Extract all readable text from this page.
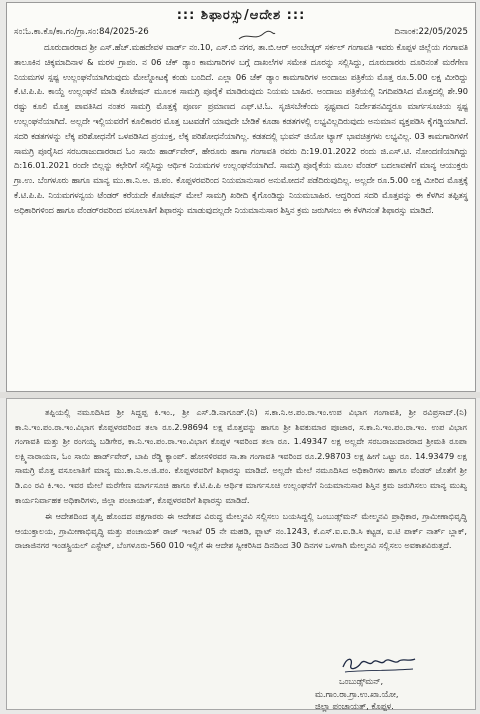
::: ಶಿಫಾರಸ್ಸು/ಆದೇಶ :::
ಸಂ:ಓ.ಕಾ.ಕೊ/ಕಾ.ಗಂ/ಗ್ರಾ.ಸಂ:84/2025-26	ದಿನಾಂಕ:22/05/2025

ದೂರುದಾರರಾದ ಶ್ರೀ ಎಸ್.ಹೆಚ್.ಮಹದೇವಳ ವಾರ್ಡ್ ನಂ.10, ಎಸ್.ಬಿ ನಗರ, ತಾ.ಬಿ.ಆರ್ ಅಂಬೇಡ್ಕರ್ ಸರ್ಕಲ್ ಗಂಗಾವತಿ ಇವರು ಕೊಪ್ಪಳ ಜಿಲ್ಲೆಯ ಗಂಗಾವತಿ ತಾಲೂಕಿನ ಚಿಕ್ಕಮಾದಿನಾಳ & ಮರಳ ಗ್ರಾಪಂ. ನ 06 ಚೆಕ್ ಡ್ಯಾಂ ಕಾಮಗಾರಿಗಳ ಬಗ್ಗೆ ದಾಖಲೆಗಳ ಸಮೇತ ದೂರನ್ನು ಸಲ್ಲಿಸಿದ್ದು, ದೂರುದಾರರು ದೂರಿನಂತೆ ಮರೆಗೇಣ ನಿಯಮಗಳ ಸ್ಪಷ್ಟ ಉಲ್ಲಂಘನೆಯಾಗಿರುವುದು ಮೇಲ್ನೋಟಕ್ಕೆ ಕಂಡು ಬಂದಿದೆ. ಎಲ್ಲಾ 06 ಚೆಕ್ ಡ್ಯಾಂ ಕಾಮಗಾರಿಗಳ ಅಂದಾಜು ಪತ್ರಿಕೆಯ ಮೊತ್ತ ರೂ.5.00 ಲಕ್ಷ ಮೀರಿದ್ದು ಕೆ.ಟಿ.ಪಿ.ಪಿ. ಕಾಯ್ದೆ ಉಲ್ಲಂಘನೆ ಮಾಡಿ ಕೊಟೇಷನ್ ಮೂಲಕ ಸಾಮಗ್ರಿ ಪೂರೈಕೆ ಮಾಡಿರುವುದು ನಿಯಮ ಬಾಹಿರ. ಅಂದಾಜು ಪತ್ರಿಕೆಯಲ್ಲಿ ನಿಗದಿಪಡಿಸಿದ ಮೊತ್ತದಲ್ಲಿ ಶೇ.90 ರಷ್ಟು ಕೂಲಿ ಮೊತ್ತ ಪಾವತಿಸಿದ ನಂತರ ಸಾಮಗ್ರಿ ಮೊತ್ತಕ್ಕೆ ಪೂರ್ಣ ಪ್ರಮಾಣದ ಎಫ್.ಟಿ.ಓ. ಸೃಜಿಸಬೇಕೆಂದು ಸ್ಪಷ್ಟವಾದ ನಿರ್ದೇಶನವಿದ್ದರೂ ಮಾರ್ಗಸೂಚಿಯ ಸ್ಪಷ್ಟ ಉಲ್ಲಂಘನೆಯಾಗಿದೆ. ಅಲ್ಲದೇ ಇಲ್ಲಿಯವರೆಗೆ ಕೂಲಿಕಾರರ ಮೊತ್ತ ಬಟವಡೆಗೆ ಯಾವುದೇ ಬೇಡಿಕೆ ಕೂಡಾ ಕಡತಗಳಲ್ಲಿ ಲಭ್ಯವಿಲ್ಲದಿರುವುದು ಅನುಮಾನ ವ್ಯಕ್ತಪಡಿಸಿ ಕೈಗಡ್ಡಿಯಾಗಿದೆ. ಸದರಿ ಕಡತಗಳನ್ನು ಲೆಕ್ಕ ಪರಿಶೋಧನೆಗೆ ಒಳಪಡಿಸಿದ ಪ್ರಯುಕ್ತ, ಲೆಕ್ಕ ಪರಿಶೋಧನೆಯಾಗಿಲ್ಲ. ಕಡತದಲ್ಲಿ ಭುವನ್ ಜಿಯೋ ಟ್ಯಾಗ್ ಭಾವಚಿತ್ರಗಳು ಲಭ್ಯವಿಲ್ಲ. 03 ಕಾಮಗಾರಿಗಳಿಗೆ ಸಾಮಗ್ರಿ ಪೂರೈಸಿದ ಸರಬರಾಜುದಾರರಾದ ಓಂ ಸಾಯಿ ಹಾರ್ಡ್‌ವೇರ್, ಹೇರೂರು ಹಾಗಾ ಗಂಗಾವತಿ ರವರು ದಿ:19.01.2022 ರಂದು ಜಿ.ಎಸ್.ಟಿ. ನೋಂದಣಿಯಾಗಿದ್ದು ದಿ:16.01.2021 ರಂದೇ ಬಿಲ್ಲನ್ನು ಕಛೇರಿಗೆ ಸಲ್ಲಿಸಿದ್ದು ಆರ್ಥಿಕ ನಿಯಮಗಳ ಉಲ್ಲಂಘನೆಯಾಗಿದೆ. ಸಾಮಗ್ರಿ ಪೂರೈಕೆಯ ಮೂಲ ವೆಂಡರ್ ಬದಲಾವಣೆಗೆ ಮಾನ್ಯ ಆಯುಕ್ತರು ಗ್ರಾ.ಉ. ಬೆಂಗಳೂರು ಹಾಗೂ ಮಾನ್ಯ ಮು.ಕಾ.ನಿ.ಅ. ಜಿ.ಪಂ. ಕೊಪ್ಪಳರವರಿಂದ ನಿಯಮಾನುಸಾರ ಅನುಮೋದನೆ ಪಡೆದಿರುವುದಿಲ್ಲ. ಅಲ್ಲದೇ ರೂ.5.00 ಲಕ್ಷ ಮೀರಿದ ಮೊತ್ತಕ್ಕೆ ಕೆ.ಟಿ.ಪಿ.ಪಿ. ನಿಯಮಗಳನ್ವಯ ಟೆಂಡರ್ ಕರೆಯದೇ ಕೊಟೇಷನ್ ಮೇಲೆ ಸಾಮಗ್ರಿ ಖರೀದಿ ಕೈಗೊಂಡಿದ್ದು ನಿಯಮಬಾಹಿರ. ಆದ್ದರಿಂದ ಸದರಿ ಮೊತ್ತವನ್ನು ಈ ಕೆಳಗಿನ ತಪ್ಪಿತಸ್ಥ ಅಧಿಕಾರಿಗಳಿಂದ ಹಾಗೂ ವೆಂಡರ್‌ರವರಿಂದ ವಸೂಲಾತಿಗೆ ಶಿಫಾರಸ್ಸು ಮಾಡುವುದಲ್ಲದೇ ನಿಯಮಾನುಸಾರ ಶಿಸ್ತಿನ ಕ್ರಮ ಜರುಗಿಸಲು ಈ ಕೆಳಗಿನಂತೆ ಶಿಫಾರಸ್ಸು ಮಾಡಿದೆ.

ತಪ್ಪಿಯಲ್ಲಿ ನಮೂದಿಸಿದ ಶ್ರೀ ಸಿದ್ದಪ್ಪ ಕಿ.ಇಂ., ಶ್ರೀ ಎಸ್.ಡಿ.ನಾಗೂಡ್.(ನಿ) ಸ.ಕಾ.ನಿ.ಅ.ಪಂ.ರಾ.ಇಂ.ಉಪ ವಿಭಾಗ ಗಂಗಾವತಿ, ಶ್ರೀ ರವಿಪ್ರಸಾದ್.(ನಿ) ಕಾ.ನಿ.ಇಂ.ಪಂ.ರಾ.ಇಂ.ವಿಭಾಗ ಕೊಪ್ಪಳರವರಿಂದ ತಲಾ ರೂ.2.98694 ಲಕ್ಷ ಮೊತ್ತವನ್ನು ಹಾಗೂ ಶ್ರೀ ಶಿವಕುಮಾರ ಪೂಜಾರ, ಸ.ಕಾ.ನಿ.ಇಂ.ಪಂ.ರಾ.ಇಂ. ಉಪ ವಿಭಾಗ ಗಂಗಾವತಿ ಮತ್ತು ಶ್ರೀ ರಂಗಯ್ಯ ಬಡಿಗೇರ, ಕಾ.ನಿ.ಇಂ.ಪಂ.ರಾ.ಇಂ.ವಿಭಾಗ ಕೊಪ್ಪಳ ಇವರಿಂದ ತಲಾ ರೂ. 1.49347 ಲಕ್ಷ ಅಲ್ಲದೇ ಸರಬರಾಜುದಾರರಾದ ಶ್ರೀಮತಿ ರೂಪಾ ಲಕ್ಷ್ಮಿನಾರಾಯಣ, ಓಂ ಸಾಯಿ ಹಾರ್ಡ್‌ವೇರ್, ಬಾಪಿ ರೆಡ್ಡಿ ಕ್ಯಾಂಪ್. ಹೋಸಳಿರವರ ಸಾ.ತಾ ಗಂಗಾವತಿ ಇವರಿಂದ ರೂ.2.98703 ಲಕ್ಷ ಹೀಗೆ ಒಟ್ಟು ರೂ. 14.93479 ಲಕ್ಷ ಸಾಮಗ್ರಿ ಮೊತ್ತ ವಸೂಲಾತಿಗೆ ಮಾನ್ಯ ಮು.ಕಾ.ನಿ.ಅ.ಜಿ.ಪಂ. ಕೊಪ್ಪಳರವರಿಗೆ ಶಿಫಾರಸ್ಸು ಮಾಡಿದೆ. ಅಲ್ಲದೇ ಮೇಲೆ ನಮೂದಿಸಿದ ಅಧಿಕಾರಿಗಳು ಹಾಗೂ ವೆಂಡರ್ ಜೊತೆಗೆ ಶ್ರೀ ಡಿ.ಎಂ ರವಿ ಕಿ.ಇಂ. ಇವರ ಮೇಲೆ ಮರೆಗೇಣ ಮಾರ್ಗಸೂಚಿ ಹಾಗೂ ಕೆ.ಟಿ.ಪಿ.ಪಿ ಆರ್ಥಿಕ ಮಾರ್ಗಸೂಚಿ ಉಲ್ಲಂಘನೆಗೆ ನಿಯಮಾನುಸಾರ ಶಿಸ್ತಿನ ಕ್ರಮ ಜರುಗಿಸಲು ಮಾನ್ಯ ಮುಖ್ಯ ಕಾರ್ಯನಿರ್ವಾಹಕ ಅಧಿಕಾರಿಗಳು, ಜಿಲ್ಲಾ ಪಂಚಾಯತ್, ಕೊಪ್ಪಳರವರಿಗೆ ಶಿಫಾರಸ್ಸು ಮಾಡಿದೆ.

ಈ ಆದೇಶದಿಂದ ತೃಪ್ತಿ ಹೊಂದದ ಪಕ್ಷಗಾರರು ಈ ಆದೇಶದ ವಿರುದ್ಧ ಮೇಲ್ಮನವಿ ಸಲ್ಲಿಸಲು ಬಯಸಿದ್ದಲ್ಲಿ ಒಂಬುಡ್ಸ್‌ಮನ್ ಮೇಲ್ಮನವಿ ಪ್ರಾಧಿಕಾರ, ಗ್ರಾಮೀಣಾಭಿವೃದ್ಧಿ ಆಯುಕ್ತಾಲಯ, ಗ್ರಾಮೀಣಾಭಿವೃದ್ಧಿ ಮತ್ತು ಪಂಚಾಯತ್ ರಾಜ್ ಇಲಾಖೆ 05 ನೇ ಮಹಡಿ, ಫ್ಲಾಟ್ ನಂ.1243, ಕೆ.ಎಸ್.ಐ.ಐ.ಡಿ.ಸಿ ಕಟ್ಟಡ, ಐ.ಟಿ ಪಾರ್ಕ್ ನಾರ್ತ್ ಬ್ಲಾಕ್, ರಾಜಾಜಿನಗರ ಇಂಡಸ್ಟ್ರಿಯಲ್ ಎಸ್ಟೇಟ್, ಬೆಂಗಳೂರು-560 010 ಇಲ್ಲಿಗೆ ಈ ಆದೇಶ ಸ್ವೀಕರಿಸಿದ ದಿನದಿಂದ 30 ದಿನಗಳ ಒಳಗಾಗಿ ಮೇಲ್ಮನವಿ ಸಲ್ಲಿಸಲು ಅವಕಾಶವಿರುತ್ತದೆ.

ಒಂಬುಡ್ಸ್‌ಮನ್,
ಮ.ಗಾಂ.ರಾ.ಗ್ರಾ.ಉ.ಖಾ.ಯೋ,
ಜಿಲ್ಲಾ ಪಂಚಾಯತ್, ಕೊಪ್ಪಳ.
